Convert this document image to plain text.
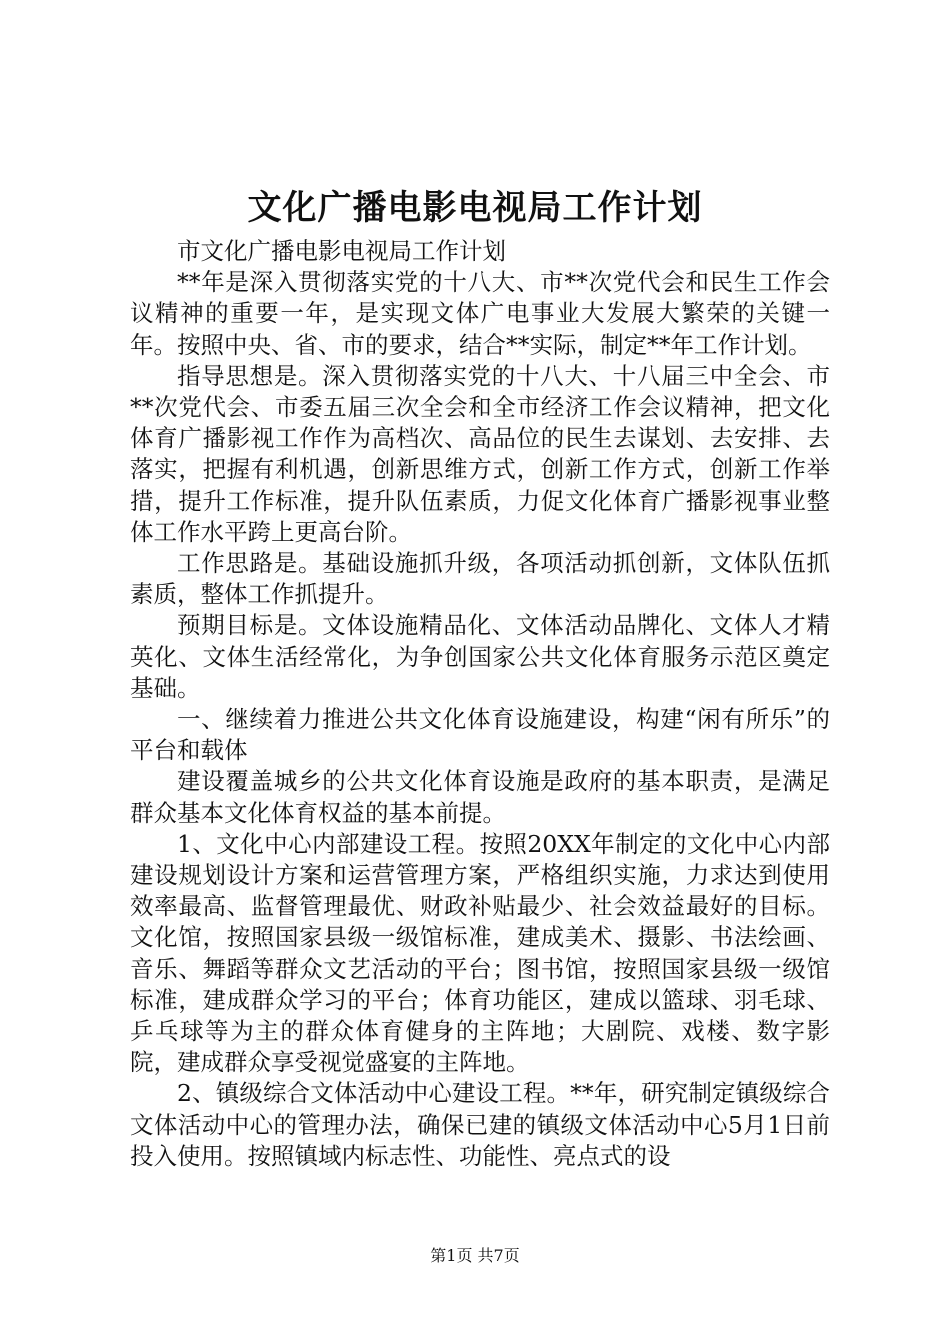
文化广播电影电视局工作计划

市文化广播电影电视局工作计划

**年是深入贯彻落实党的十八大、市**次党代会和民生工作会议精神的重要一年，是实现文体广电事业大发展大繁荣的关键一年。按照中央、省、市的要求，结合**实际，制定**年工作计划。

指导思想是。深入贯彻落实党的十八大、十八届三中全会、市**次党代会、市委五届三次全会和全市经济工作会议精神，把文化体育广播影视工作作为高档次、高品位的民生去谋划、去安排、去落实，把握有利机遇，创新思维方式，创新工作方式，创新工作举措，提升工作标准，提升队伍素质，力促文化体育广播影视事业整体工作水平跨上更高台阶。

工作思路是。基础设施抓升级，各项活动抓创新，文体队伍抓素质，整体工作抓提升。

预期目标是。文体设施精品化、文体活动品牌化、文体人才精英化、文体生活经常化，为争创国家公共文化体育服务示范区奠定基础。

一、继续着力推进公共文化体育设施建设，构建“闲有所乐”的平台和载体

建设覆盖城乡的公共文化体育设施是政府的基本职责，是满足群众基本文化体育权益的基本前提。

1、文化中心内部建设工程。按照20XX年制定的文化中心内部建设规划设计方案和运营管理方案，严格组织实施，力求达到使用效率最高、监督管理最优、财政补贴最少、社会效益最好的目标。文化馆，按照国家县级一级馆标准，建成美术、摄影、书法绘画、音乐、舞蹈等群众文艺活动的平台；图书馆，按照国家县级一级馆标准，建成群众学习的平台；体育功能区，建成以篮球、羽毛球、乒乓球等为主的群众体育健身的主阵地；大剧院、戏楼、数字影院，建成群众享受视觉盛宴的主阵地。

2、镇级综合文体活动中心建设工程。**年，研究制定镇级综合文体活动中心的管理办法，确保已建的镇级文体活动中心5月1日前投入使用。按照镇域内标志性、功能性、亮点式的设

第1页 共7页
